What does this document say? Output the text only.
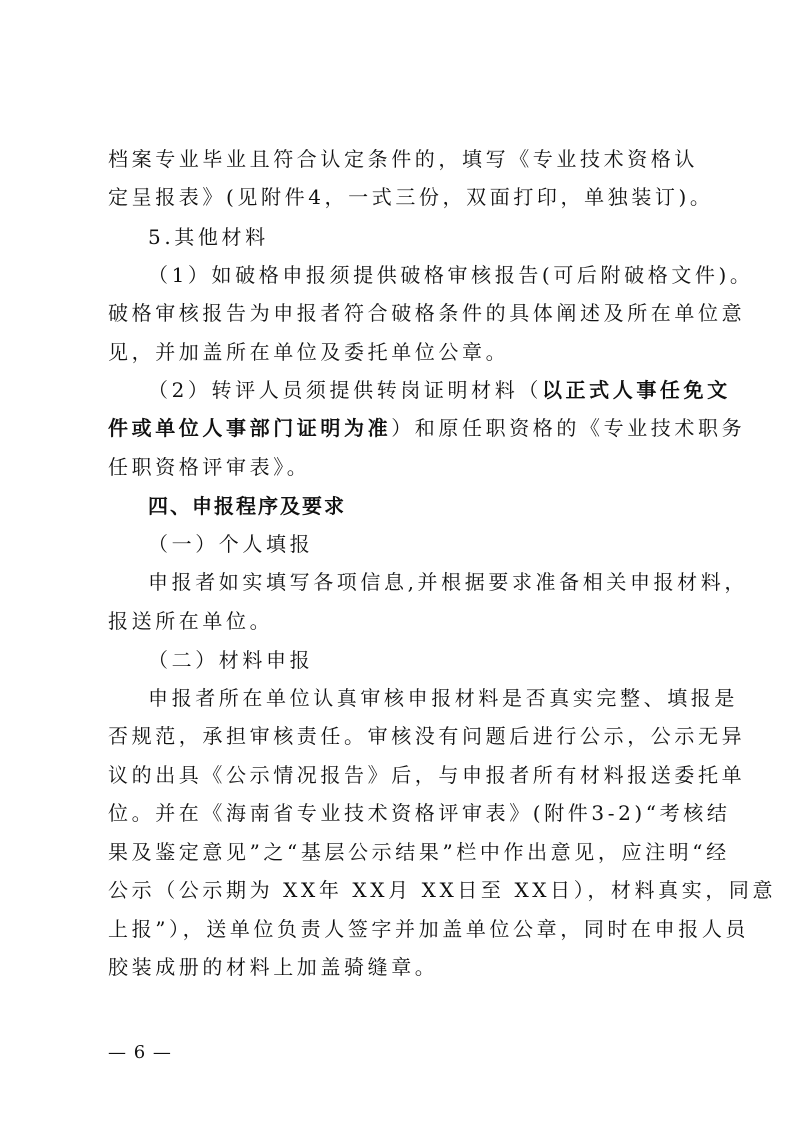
档案专业毕业且符合认定条件的，填写《专业技术资格认
定呈报表》(见附件4，一式三份，双面打印，单独装订)。
5.其他材料
（1）如破格申报须提供破格审核报告(可后附破格文件)。
破格审核报告为申报者符合破格条件的具体阐述及所在单位意
见，并加盖所在单位及委托单位公章。
（2）转评人员须提供转岗证明材料（以正式人事任免文
件或单位人事部门证明为准）和原任职资格的《专业技术职务
任职资格评审表》。
四、申报程序及要求
（一）个人填报
申报者如实填写各项信息,并根据要求准备相关申报材料，
报送所在单位。
（二）材料申报
申报者所在单位认真审核申报材料是否真实完整、填报是
否规范，承担审核责任。审核没有问题后进行公示，公示无异
议的出具《公示情况报告》后，与申报者所有材料报送委托单
位。并在《海南省专业技术资格评审表》(附件3-2)“考核结
果及鉴定意见”之“基层公示结果”栏中作出意见，应注明“经
公示（公示期为 XX年 XX月 XX日至 XX日），材料真实，同意
上报”），送单位负责人签字并加盖单位公章，同时在申报人员
胶装成册的材料上加盖骑缝章。
— 6 —
